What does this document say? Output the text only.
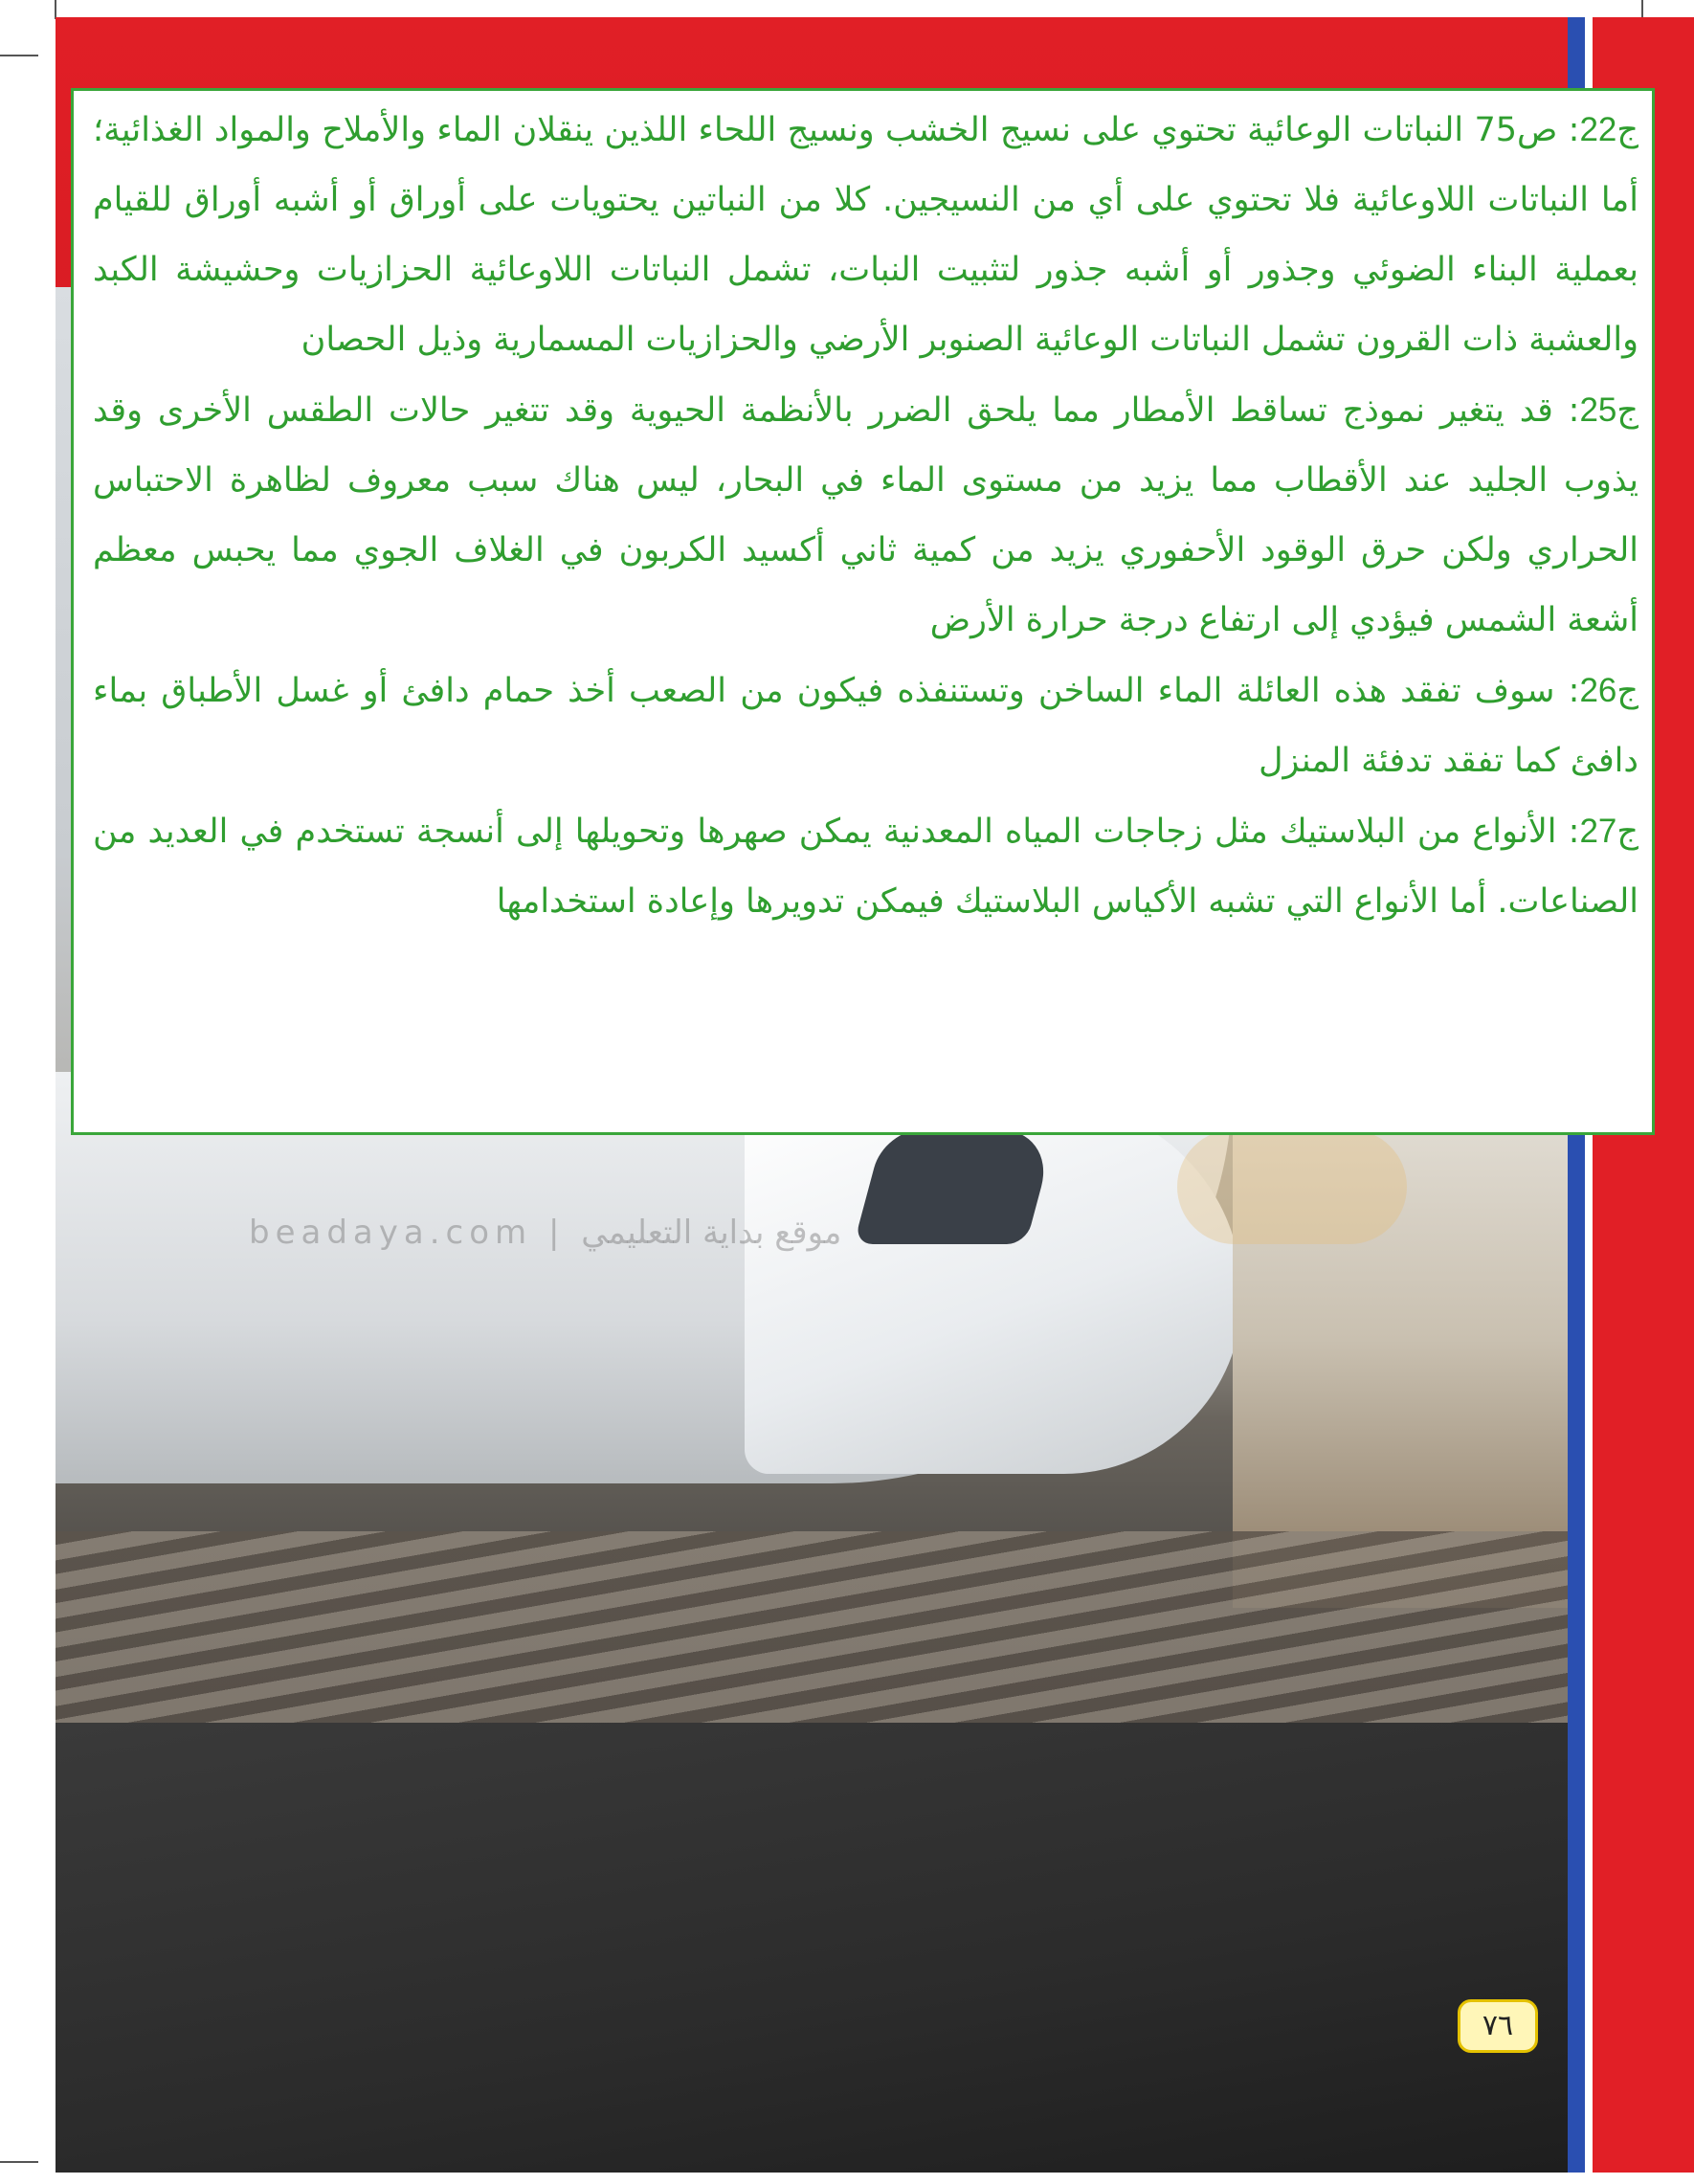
beadaya.com | موقع بداية التعليمي

ج22: ص75 النباتات الوعائية تحتوي على نسيج الخشب ونسيج اللحاء اللذين ينقلان الماء والأملاح والمواد الغذائية؛ أما النباتات اللاوعائية فلا تحتوي على أي من النسيجين. كلا من النباتين يحتويات على أوراق أو أشبه أوراق للقيام بعملية البناء الضوئي وجذور أو أشبه جذور لتثبيت النبات، تشمل النباتات اللاوعائية الحزازيات وحشيشة الكبد والعشبة ذات القرون تشمل النباتات الوعائية الصنوبر الأرضي والحزازيات المسمارية وذيل الحصان

ج25: قد يتغير نموذج تساقط الأمطار مما يلحق الضرر بالأنظمة الحيوية وقد تتغير حالات الطقس الأخرى وقد يذوب الجليد عند الأقطاب مما يزيد من مستوى الماء في البحار، ليس هناك سبب معروف لظاهرة الاحتباس الحراري ولكن حرق الوقود الأحفوري يزيد من كمية ثاني أكسيد الكربون في الغلاف الجوي مما يحبس معظم أشعة الشمس فيؤدي إلى ارتفاع درجة حرارة الأرض

ج26: سوف تفقد هذه العائلة الماء الساخن وتستنفذه فيكون من الصعب أخذ حمام دافئ أو غسل الأطباق بماء دافئ كما تفقد تدفئة المنزل

ج27: الأنواع من البلاستيك مثل زجاجات المياه المعدنية يمكن صهرها وتحويلها إلى أنسجة تستخدم في العديد من الصناعات. أما الأنواع التي تشبه الأكياس البلاستيك فيمكن تدويرها وإعادة استخدامها

٧٦
